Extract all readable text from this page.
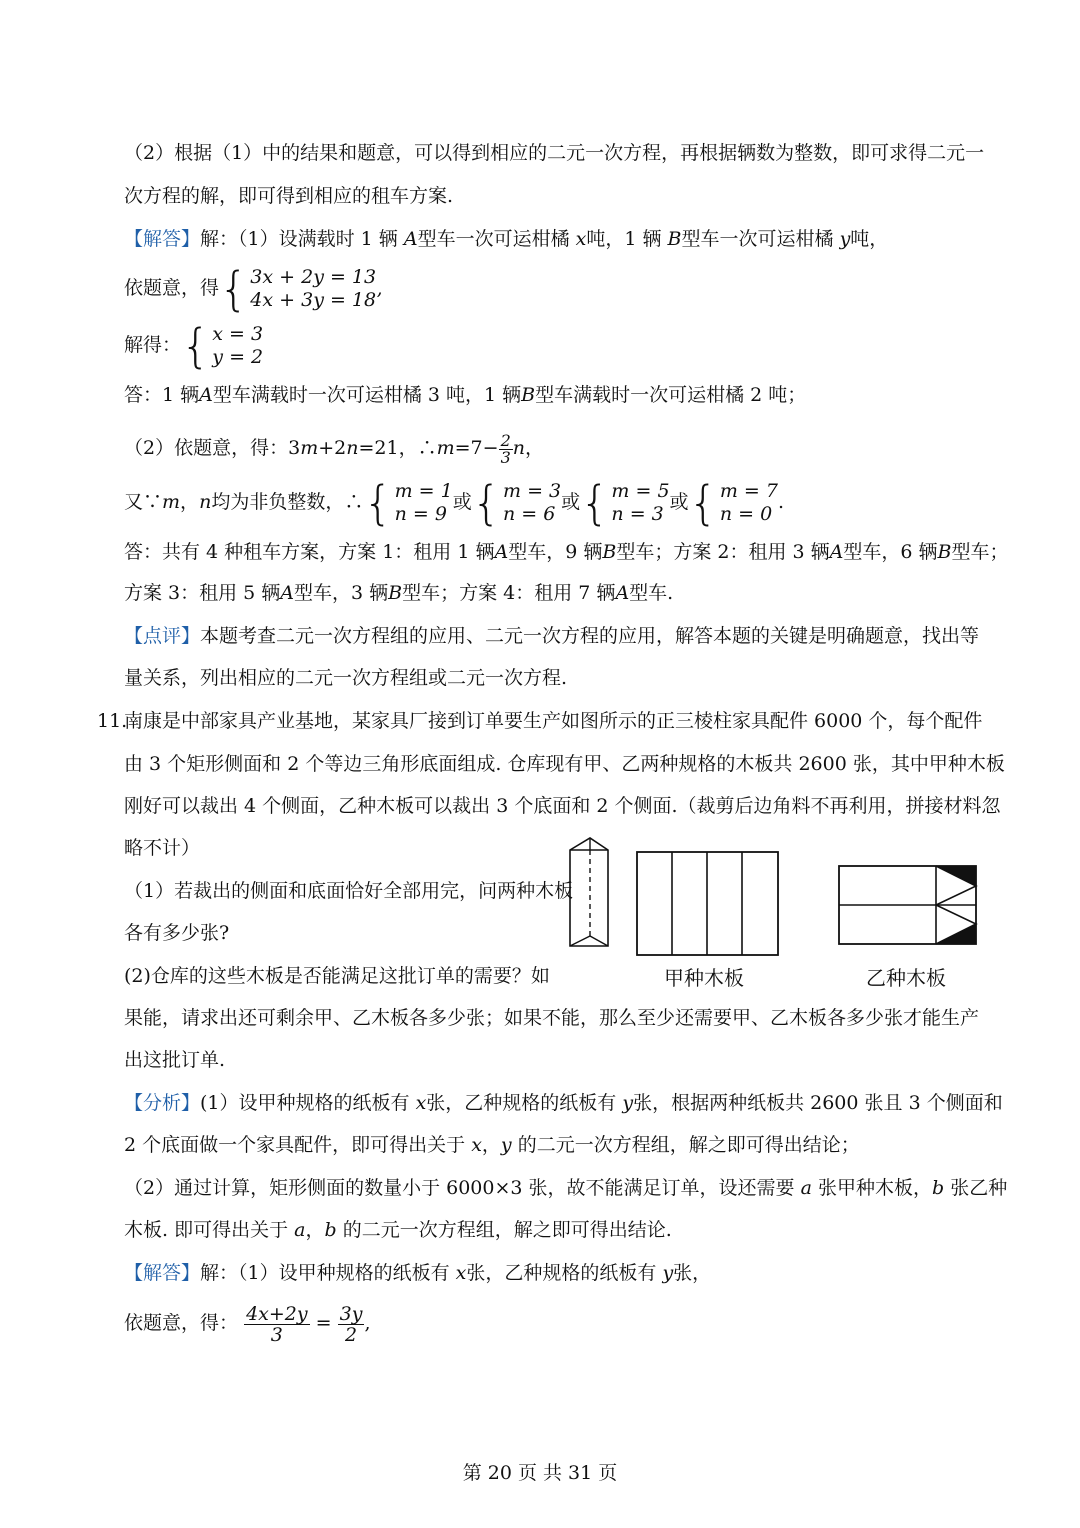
（2）根据（1）中的结果和题意，可以得到相应的二元一次方程，再根据辆数为整数，即可求得二元一
次方程的解，即可得到相应的租车方案.
【解答】解：（1）设满载时 1 辆 A型车一次可运柑橘 x吨，1 辆 B型车一次可运柑橘 y吨，
依题意，得 { 3x + 2y = 13
4x + 3y = 18’
解得： { x = 3
y = 2
答：1 辆A型车满载时一次可运柑橘 3 吨，1 辆B型车满载时一次可运柑橘 2 吨；
（2）依题意，得：3m+2n=21，∴m=7− $\frac{2}{3}$ n，
又∵m，n均为非负整数，∴ { m = 1
n = 9
或 { m = 3
n = 6
或 { m = 5
n = 3
或 { m = 7
n = 0
.
答：共有 4 种租车方案，方案 1：租用 1 辆A型车，9 辆B型车；方案 2：租用 3 辆A型车，6 辆B型车；
方案 3：租用 5 辆A型车，3 辆B型车；方案 4：租用 7 辆A型车.
【点评】本题考查二元一次方程组的应用、二元一次方程的应用，解答本题的关键是明确题意，找出等
量关系，列出相应的二元一次方程组或二元一次方程.
11.
南康是中部家具产业基地，某家具厂接到订单要生产如图所示的正三棱柱家具配件 6000 个，每个配件
由 3 个矩形侧面和 2 个等边三角形底面组成. 仓库现有甲、乙两种规格的木板共 2600 张，其中甲种木板
刚好可以裁出 4 个侧面，乙种木板可以裁出 3 个底面和 2 个侧面.（裁剪后边角料不再利用，拼接材料忽
略不计）
（1）若裁出的侧面和底面恰好全部用完，问两种木板
各有多少张?
(2)仓库的这些木板是否能满足这批订单的需要？如
果能，请求出还可剩余甲、乙木板各多少张；如果不能，那么至少还需要甲、乙木板各多少张才能生产
出这批订单.
甲种木板	乙种木板
【分析】(1）设甲种规格的纸板有 x张，乙种规格的纸板有 y张，根据两种纸板共 2600 张且 3 个侧面和
2 个底面做一个家具配件，即可得出关于 x，y 的二元一次方程组，解之即可得出结论；
（2）通过计算，矩形侧面的数量小于 6000×3 张，故不能满足订单，设还需要 a 张甲种木板，b 张乙种
木板. 即可得出关于 a，b 的二元一次方程组，解之即可得出结论.
【解答】解：（1）设甲种规格的纸板有 x张，乙种规格的纸板有 y张，
依题意，得： $\frac{4x+2y}{3} = \frac{3y}{2}$ ,
第 20 页 共 31 页
